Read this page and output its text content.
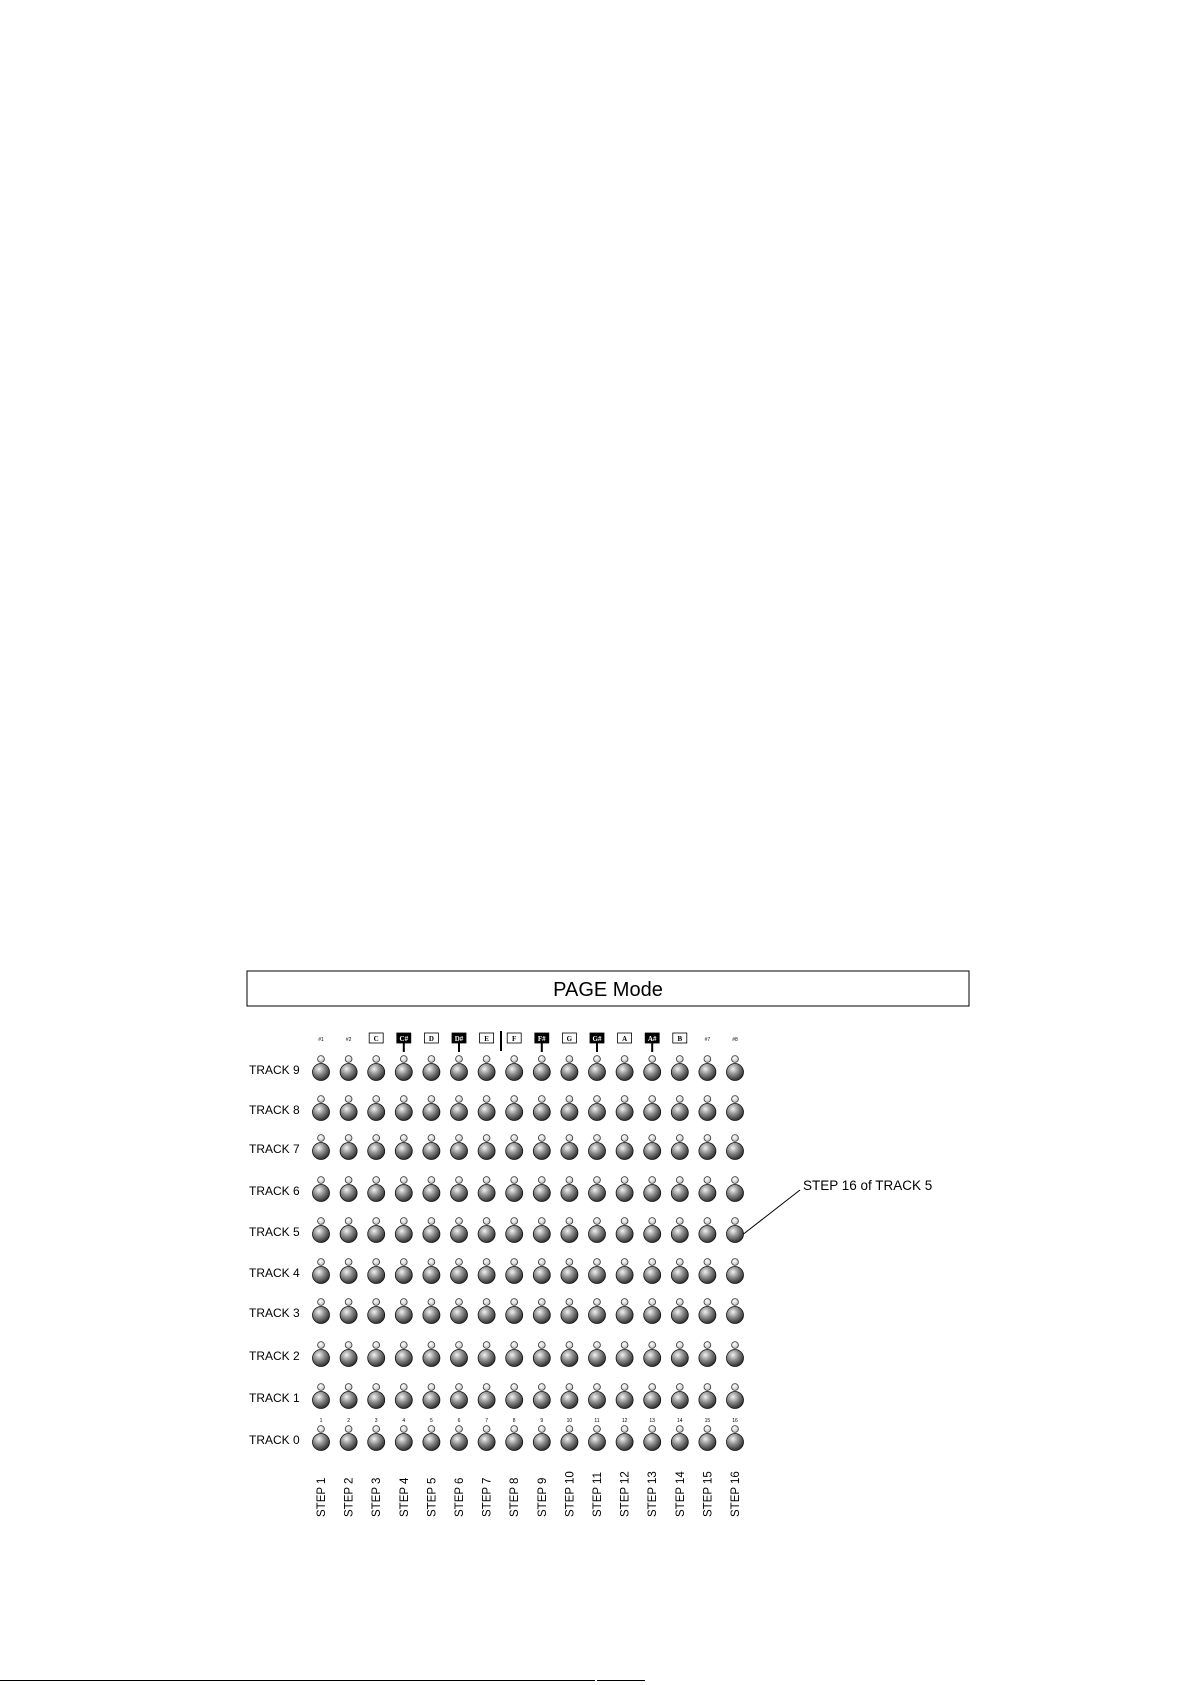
PAGE Mode
#1	#2	C	C#	D	D#	E	F	F#	G	G#	A	A#	B	#7	#8
TRACK 9
TRACK 8
TRACK 7
TRACK 6
TRACK 5
TRACK 4
TRACK 3
TRACK 2
TRACK 1
TRACK 0
1	2	3	4	5	6	7	8	9	10	11	12	13	14	15	16
STEP 1 STEP 2 STEP 3 STEP 4 STEP 5 STEP 6 STEP 7 STEP 8 STEP 9 STEP 10 STEP 11 STEP 12 STEP 13 STEP 14 STEP 15 STEP 16
STEP 16 of TRACK 5
